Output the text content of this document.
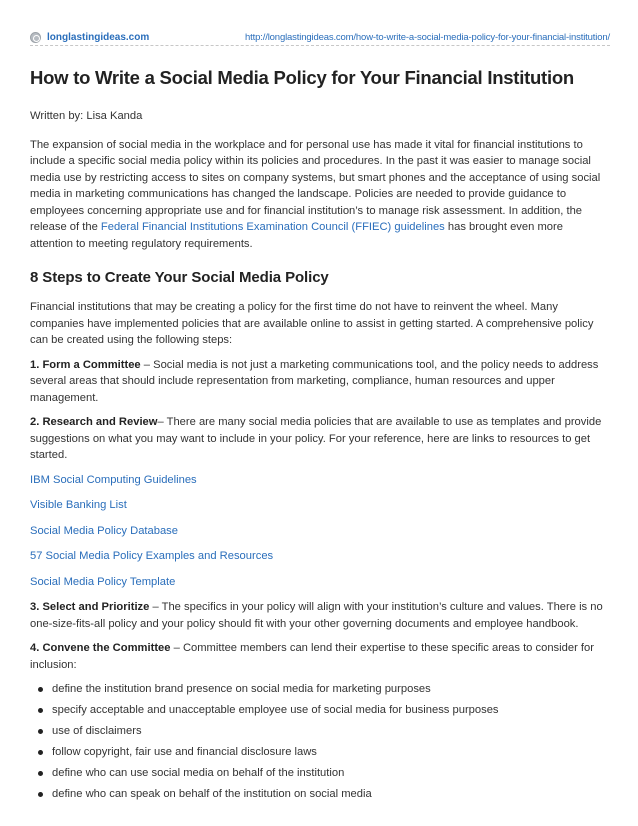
longlastingideas.com	http://longlastingideas.com/how-to-write-a-social-media-policy-for-your-financial-institution/
How to Write a Social Media Policy for Your Financial Institution

Written by: Lisa Kanda

The expansion of social media in the workplace and for personal use has made it vital for financial institutions to include a specific social media policy within its policies and procedures. In the past it was easier to manage social media use by restricting access to sites on company systems, but smart phones and the acceptance of using social media in marketing communications has changed the landscape. Policies are needed to provide guidance to employees concerning appropriate use and for financial institution’s to manage risk assessment. In addition, the release of the Federal Financial Institutions Examination Council (FFIEC) guidelines has brought even more attention to meeting regulatory requirements.

8 Steps to Create Your Social Media Policy

Financial institutions that may be creating a policy for the first time do not have to reinvent the wheel. Many companies have implemented policies that are available online to assist in getting started. A comprehensive policy can be created using the following steps:

1. Form a Committee – Social media is not just a marketing communications tool, and the policy needs to address several areas that should include representation from marketing, compliance, human resources and upper management.

2. Research and Review– There are many social media policies that are available to use as templates and provide suggestions on what you may want to include in your policy. For your reference, here are links to resources to get started.

IBM Social Computing Guidelines
Visible Banking List
Social Media Policy Database
57 Social Media Policy Examples and Resources
Social Media Policy Template

3. Select and Prioritize – The specifics in your policy will align with your institution’s culture and values. There is no one-size-fits-all policy and your policy should fit with your other governing documents and employee handbook.

4. Convene the Committee – Committee members can lend their expertise to these specific areas to consider for inclusion:

define the institution brand presence on social media for marketing purposes
specify acceptable and unacceptable employee use of social media for business purposes
use of disclaimers
follow copyright, fair use and financial disclosure laws
define who can use social media on behalf of the institution
define who can speak on behalf of the institution on social media
